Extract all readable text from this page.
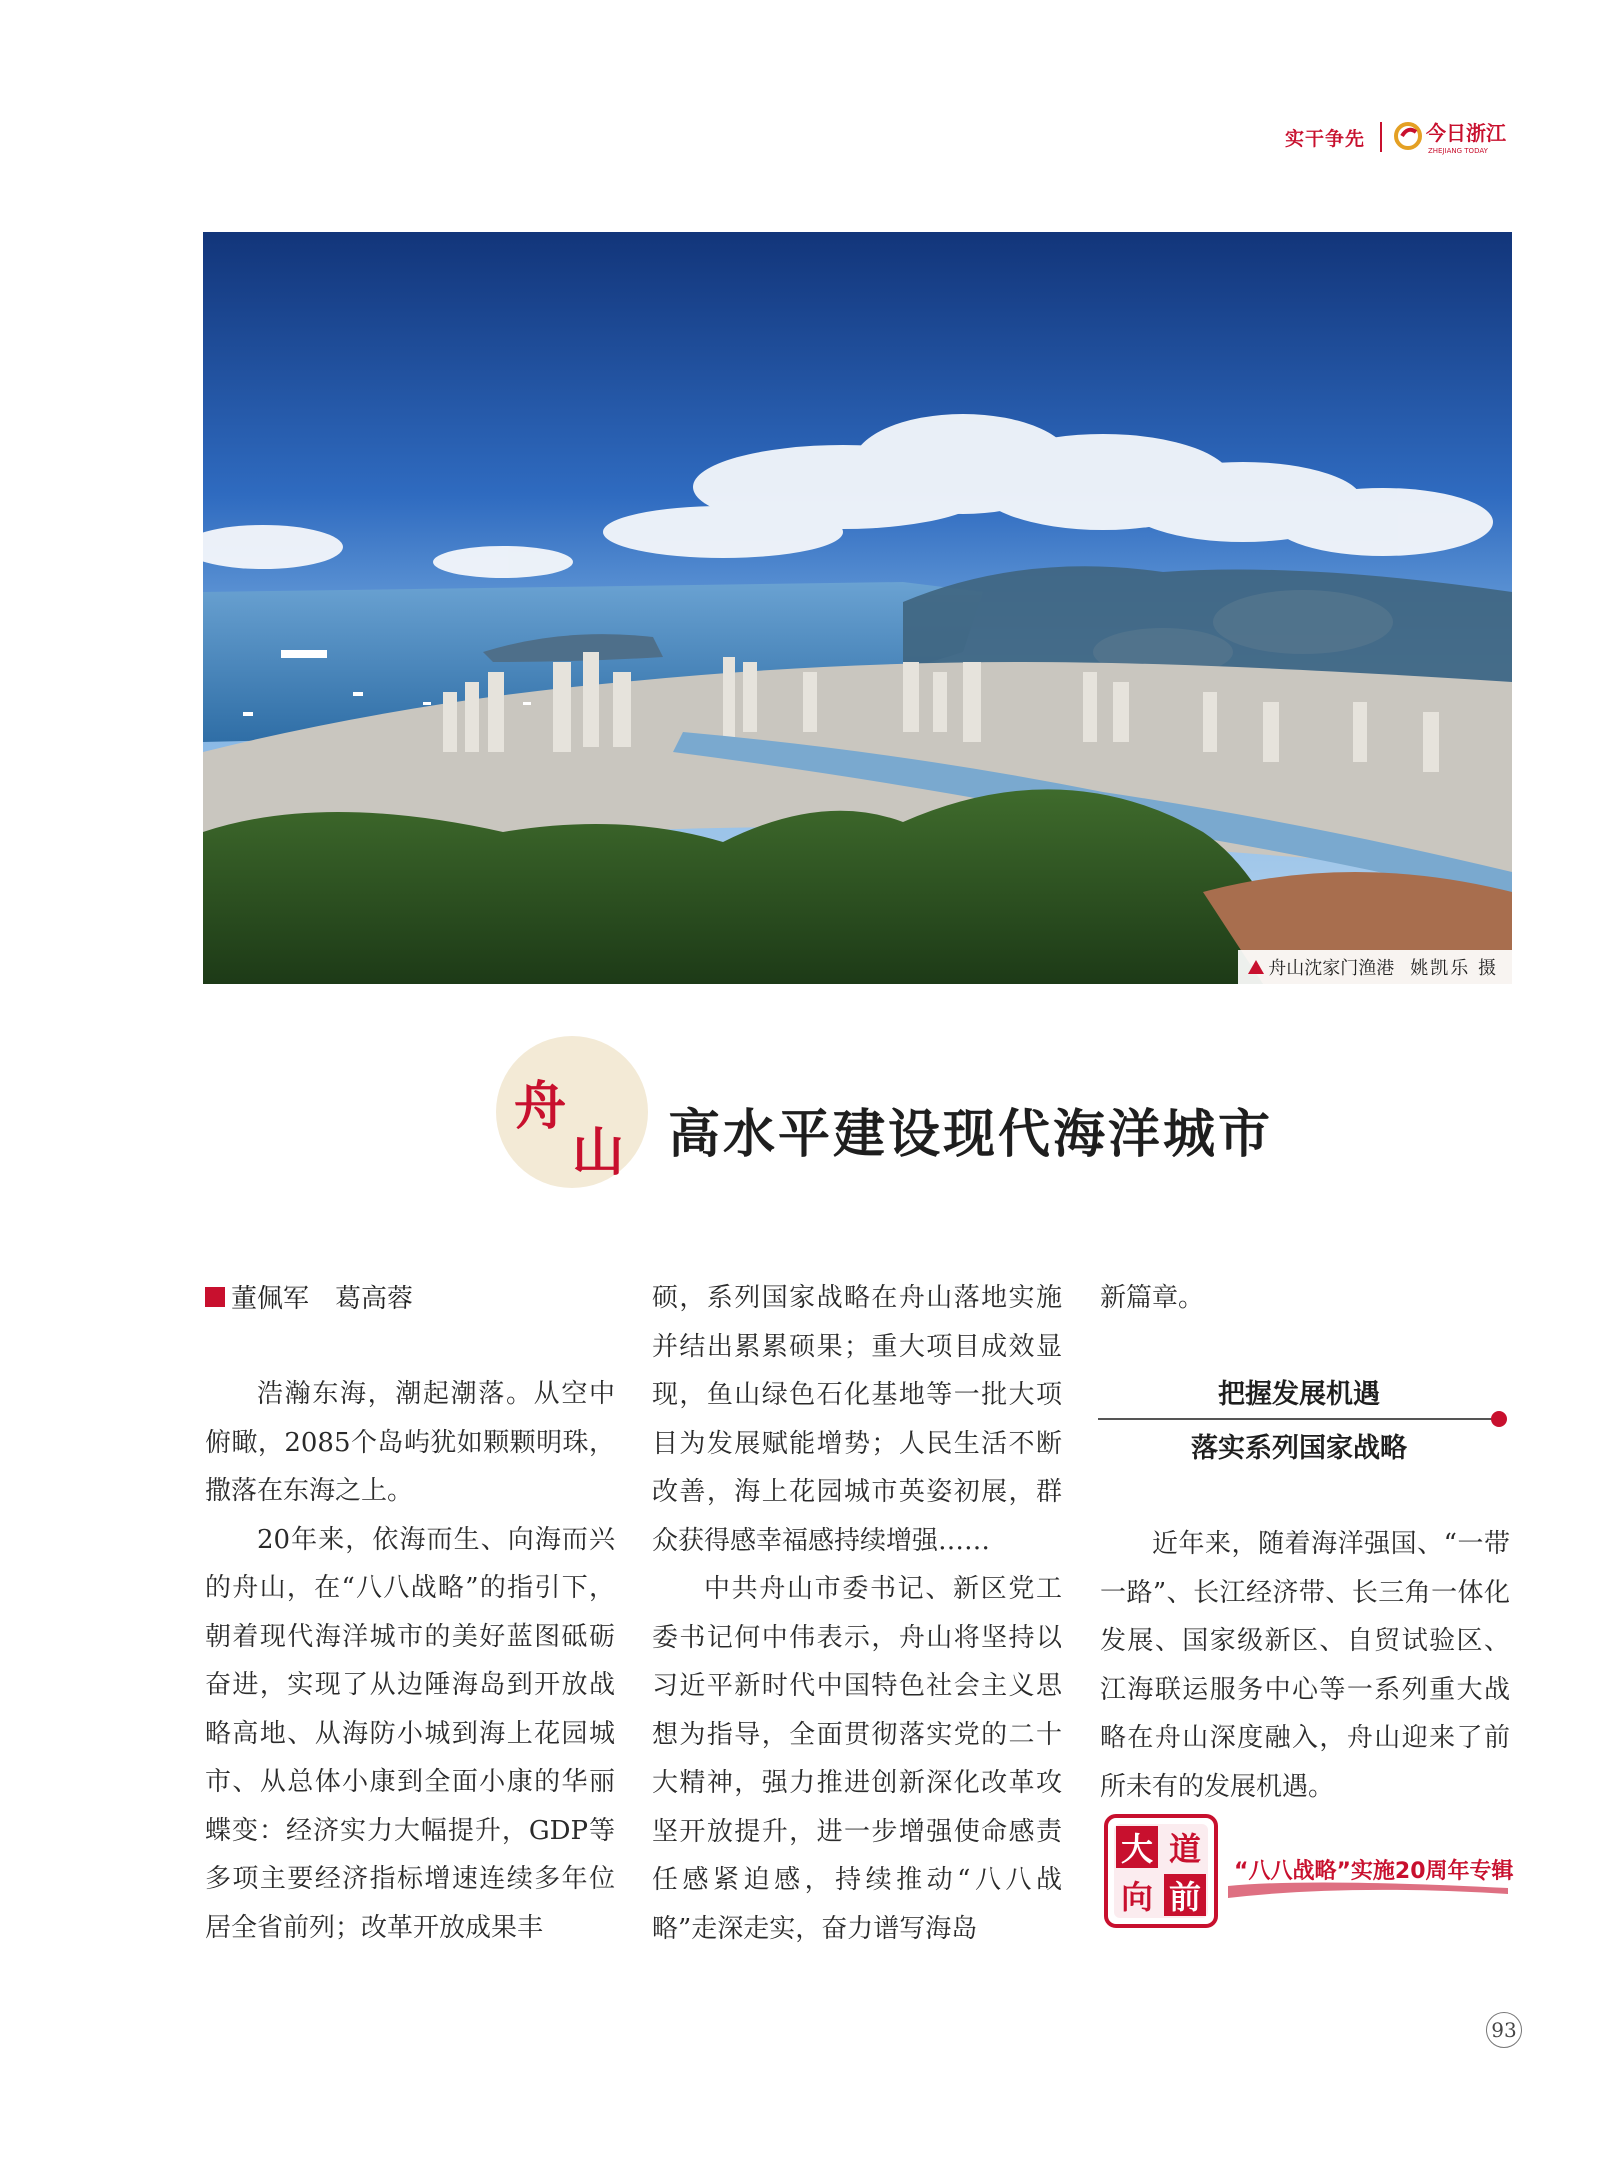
实干争先	今日浙江
ZHEJIANG TODAY
舟山沈家门渔港 姚凯乐 摄
舟
山 高水平建设现代海洋城市
董佩军　葛高蓉

浩瀚东海，潮起潮落。从空中俯瞰，2085个岛屿犹如颗颗明珠，撒落在东海之上。

20年来，依海而生、向海而兴的舟山，在“八八战略”的指引下，朝着现代海洋城市的美好蓝图砥砺奋进，实现了从边陲海岛到开放战略高地、从海防小城到海上花园城市、从总体小康到全面小康的华丽蝶变：经济实力大幅提升，GDP等多项主要经济指标增速连续多年位居全省前列；改革开放成果丰

硕，系列国家战略在舟山落地实施并结出累累硕果；重大项目成效显现，鱼山绿色石化基地等一批大项目为发展赋能增势；人民生活不断改善，海上花园城市英姿初展，群众获得感幸福感持续增强……

中共舟山市委书记、新区党工委书记何中伟表示，舟山将坚持以习近平新时代中国特色社会主义思想为指导，全面贯彻落实党的二十大精神，强力推进创新深化改革攻坚开放提升，进一步增强使命感责任感紧迫感，持续推动“八八战略”走深走实，奋力谱写海岛

新篇章。

把握发展机遇
落实系列国家战略

近年来，随着海洋强国、“一带一路”、长江经济带、长三角一体化发展、国家级新区、自贸试验区、江海联运服务中心等一系列重大战略在舟山深度融入，舟山迎来了前所未有的发展机遇。

大 道
向 前
“八八战略”实施20周年专辑
93
